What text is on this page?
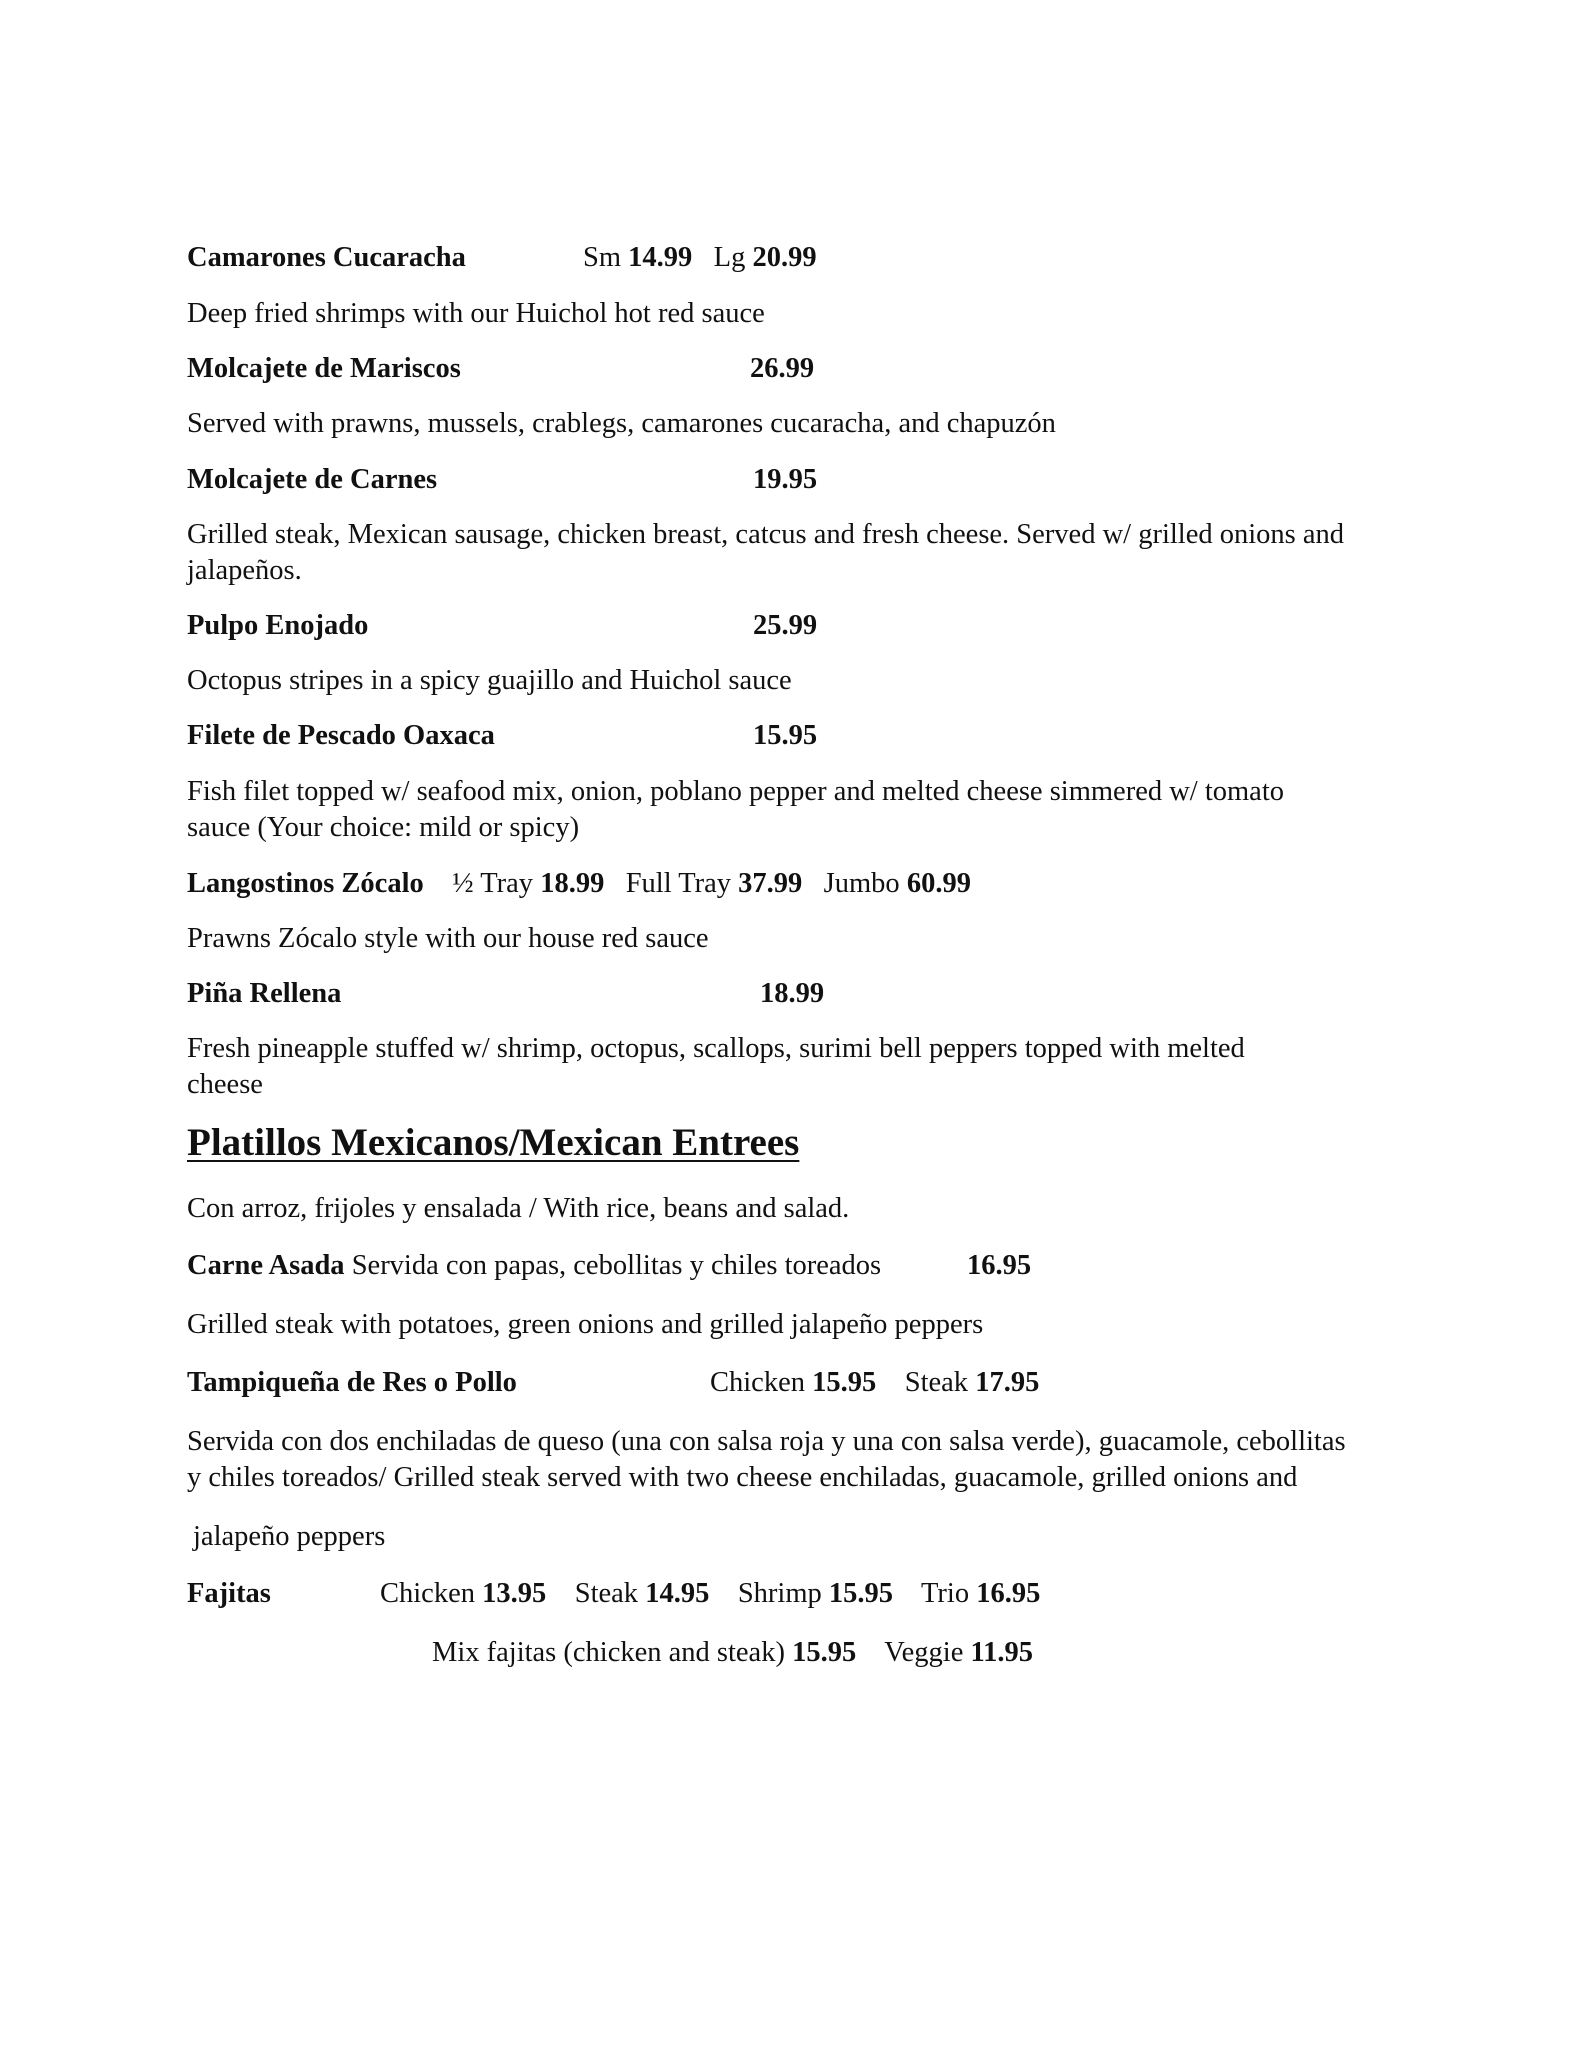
Camarones Cucaracha	Sm 14.99 Lg 20.99
Deep fried shrimps with our Huichol hot red sauce
Molcajete de Mariscos	26.99
Served with prawns, mussels, crablegs, camarones cucaracha, and chapuzón
Molcajete de Carnes	19.95
Grilled steak, Mexican sausage, chicken breast, catcus and fresh cheese. Served w/ grilled onions and
jalapeños.
Pulpo Enojado	25.99
Octopus stripes in a spicy guajillo and Huichol sauce
Filete de Pescado Oaxaca	15.95
Fish filet topped w/ seafood mix, onion, poblano pepper and melted cheese simmered w/ tomato
sauce (Your choice: mild or spicy)
Langostinos Zócalo ½ Tray 18.99 Full Tray 37.99 Jumbo 60.99
Prawns Zócalo style with our house red sauce
Piña Rellena	18.99
Fresh pineapple stuffed w/ shrimp, octopus, scallops, surimi bell peppers topped with melted
cheese
Platillos Mexicanos/Mexican Entrees
Con arroz, frijoles y ensalada / With rice, beans and salad.
Carne Asada Servida con papas, cebollitas y chiles toreados	16.95
Grilled steak with potatoes, green onions and grilled jalapeño peppers
Tampiqueña de Res o Pollo	Chicken 15.95 Steak 17.95
Servida con dos enchiladas de queso (una con salsa roja y una con salsa verde), guacamole, cebollitas
y chiles toreados/ Grilled steak served with two cheese enchiladas, guacamole, grilled onions and
jalapeño peppers
Fajitas	Chicken 13.95 Steak 14.95 Shrimp 15.95 Trio 16.95
Mix fajitas (chicken and steak) 15.95 Veggie 11.95
